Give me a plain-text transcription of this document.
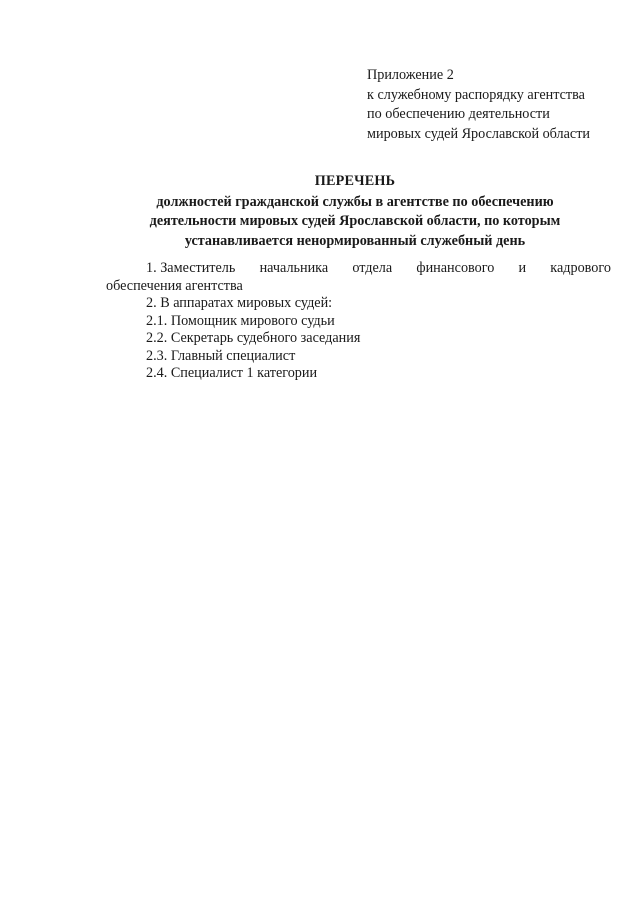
Приложение 2
к служебному распорядку агентства
по обеспечению деятельности
мировых судей Ярославской области
ПЕРЕЧЕНЬ
должностей гражданской службы в агентстве по обеспечению
деятельности мировых судей Ярославской области, по которым
устанавливается ненормированный служебный день
1. Заместитель начальника отдела финансового и кадрового
обеспечения агентства
2. В аппаратах мировых судей:
2.1. Помощник мирового судьи
2.2. Секретарь судебного заседания
2.3. Главный специалист
2.4. Специалист 1 категории
